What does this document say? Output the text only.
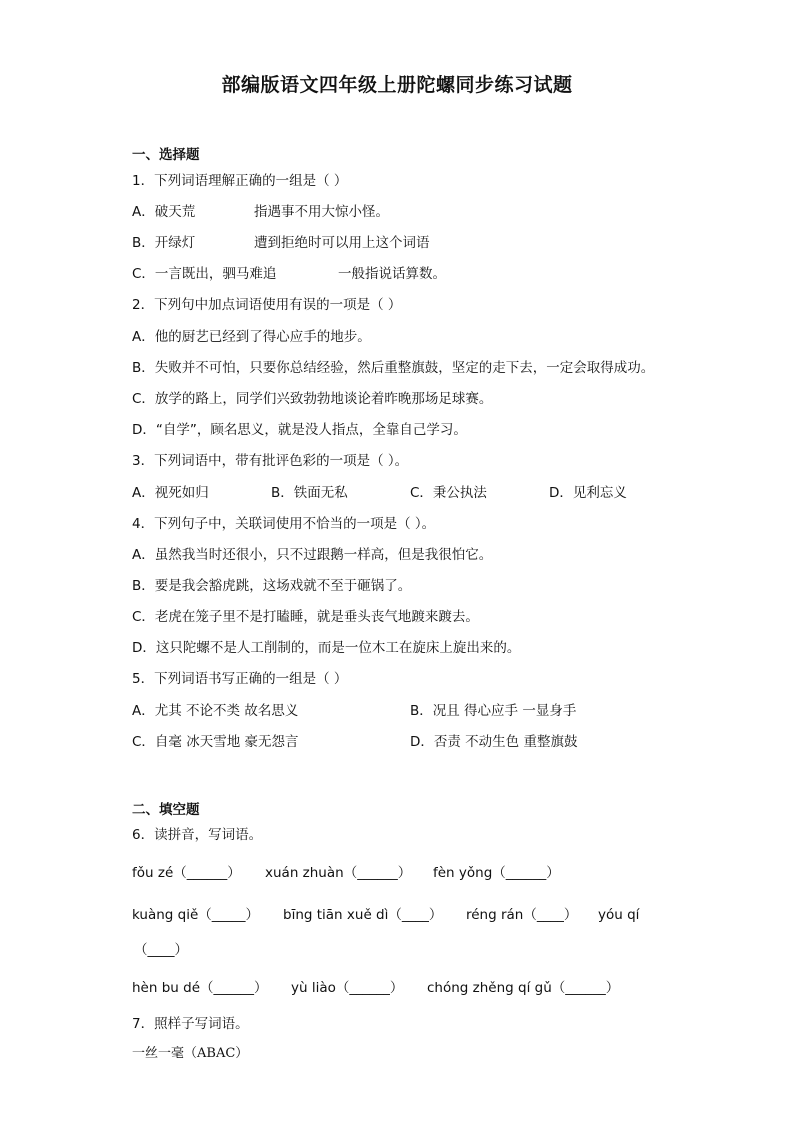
部编版语文四年级上册陀螺同步练习试题
一、选择题
1．下列词语理解正确的一组是（ ）
A．破天荒	指遇事不用大惊小怪。
B．开绿灯	遭到拒绝时可以用上这个词语
C．一言既出，驷马难追	一般指说话算数。
2．下列句中加点词语使用有误的一项是（ ）
A．他的厨艺已经到了得心应手的地步。
B．失败并不可怕，只要你总结经验，然后重整旗鼓，坚定的走下去，一定会取得成功。
C．放学的路上，同学们兴致勃勃地谈论着昨晚那场足球赛。
D．“自学”，顾名思义，就是没人指点，全靠自己学习。
3．下列词语中，带有批评色彩的一项是（ ）。
A．视死如归	B．铁面无私	C．秉公执法	D．见利忘义
4．下列句子中，关联词使用不恰当的一项是（ ）。
A．虽然我当时还很小，只不过跟鹅一样高，但是我很怕它。
B．要是我会豁虎跳，这场戏就不至于砸锅了。
C．老虎在笼子里不是打瞌睡，就是垂头丧气地踱来踱去。
D．这只陀螺不是人工削制的，而是一位木工在旋床上旋出来的。
5．下列词语书写正确的一组是（ ）
A．尤其 不论不类 故名思义	B．况且 得心应手 一显身手
C．自毫 冰天雪地 豪无怨言	D．否责 不动生色 重整旗鼓
二、填空题
6．读拼音，写词语。
fǒu zé（______） xuán zhuàn（______） fèn yǒng（______）
kuàng qiě（_____） bīng tiān xuě dì（____） réng rán（____） yóu qí
（____）
hèn bu dé（______） yù liào（______） chóng zhěng qí gǔ（______）
7．照样子写词语。
一丝一毫（ABAC）
